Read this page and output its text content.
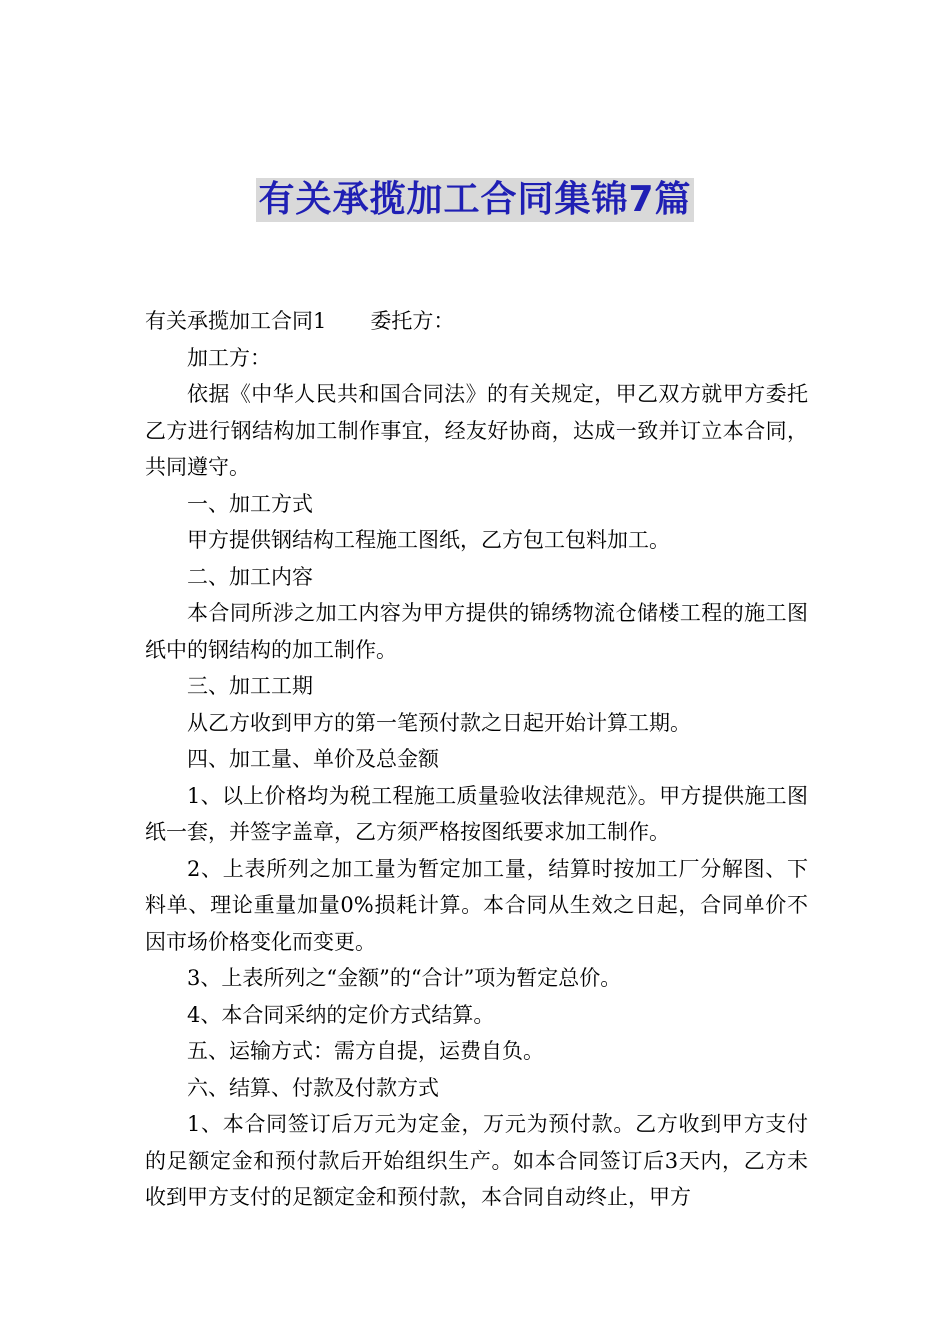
有关承揽加工合同集锦7篇

有关承揽加工合同1 委托方：

加工方：

依据《中华人民共和国合同法》的有关规定，甲乙双方就甲方委托乙方进行钢结构加工制作事宜，经友好协商，达成一致并订立本合同，共同遵守。

一、加工方式

甲方提供钢结构工程施工图纸，乙方包工包料加工。

二、加工内容

本合同所涉之加工内容为甲方提供的锦绣物流仓储楼工程的施工图纸中的钢结构的加工制作。

三、加工工期

从乙方收到甲方的第一笔预付款之日起开始计算工期。

四、加工量、单价及总金额

1、以上价格均为税工程施工质量验收法律规范》。甲方提供施工图纸一套，并签字盖章，乙方须严格按图纸要求加工制作。

2、上表所列之加工量为暂定加工量，结算时按加工厂分解图、下料单、理论重量加量0%损耗计算。本合同从生效之日起，合同单价不因市场价格变化而变更。

3、上表所列之“金额”的“合计”项为暂定总价。

4、本合同采纳的定价方式结算。

五、运输方式：需方自提，运费自负。

六、结算、付款及付款方式

1、本合同签订后万元为定金，万元为预付款。乙方收到甲方支付的足额定金和预付款后开始组织生产。如本合同签订后3天内，乙方未收到甲方支付的足额定金和预付款，本合同自动终止，甲方
